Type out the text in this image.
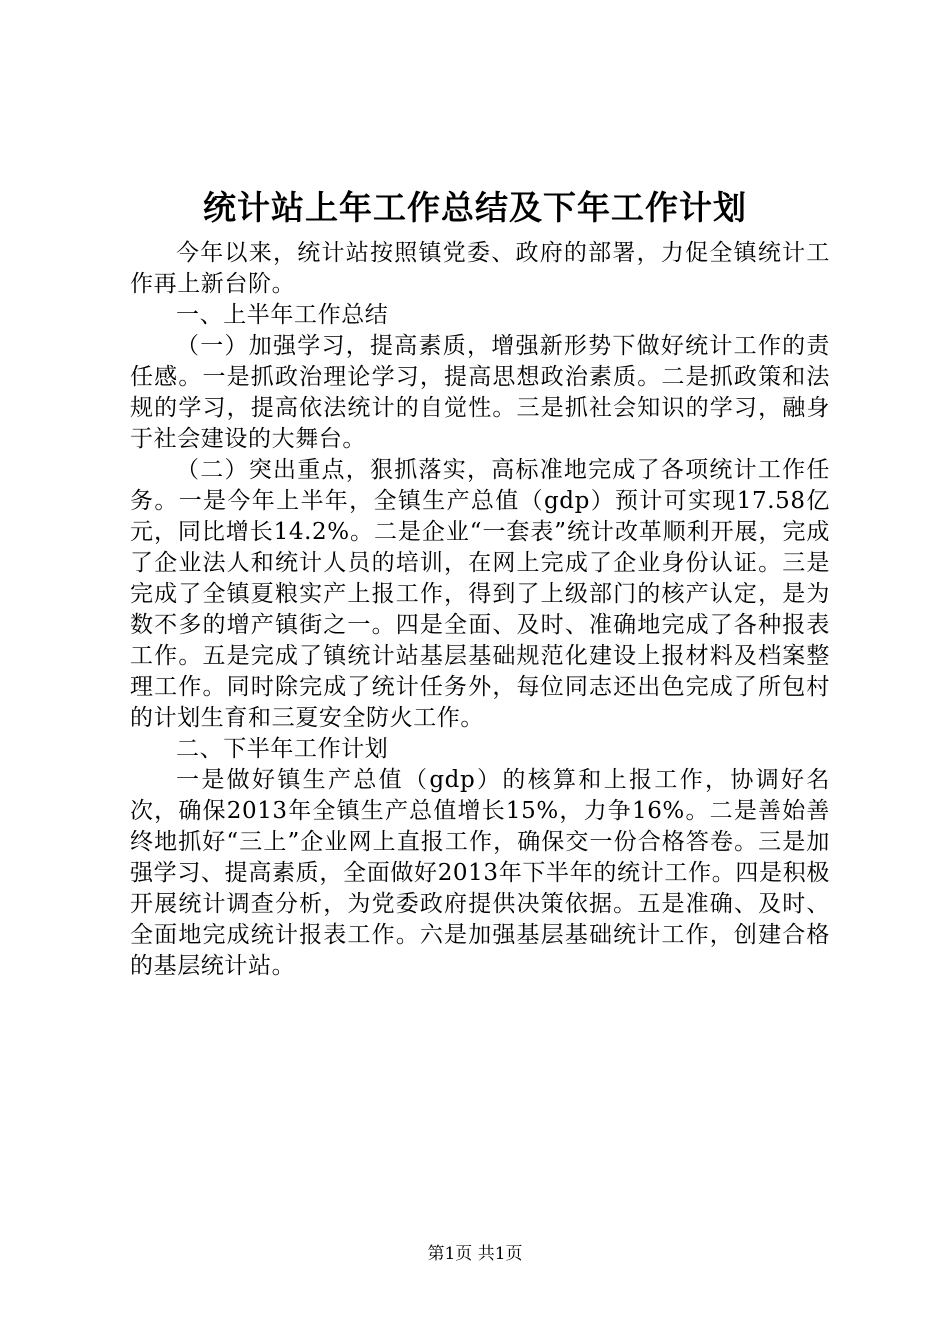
统计站上年工作总结及下年工作计划

今年以来，统计站按照镇党委、政府的部署，力促全镇统计工作再上新台阶。

一、上半年工作总结

（一）加强学习，提高素质，增强新形势下做好统计工作的责任感。一是抓政治理论学习，提高思想政治素质。二是抓政策和法规的学习，提高依法统计的自觉性。三是抓社会知识的学习，融身于社会建设的大舞台。

（二）突出重点，狠抓落实，高标准地完成了各项统计工作任务。一是今年上半年，全镇生产总值（gdp）预计可实现17.58亿元，同比增长14.2%。二是企业“一套表”统计改革顺利开展，完成了企业法人和统计人员的培训，在网上完成了企业身份认证。三是完成了全镇夏粮实产上报工作，得到了上级部门的核产认定，是为数不多的增产镇街之一。四是全面、及时、准确地完成了各种报表工作。五是完成了镇统计站基层基础规范化建设上报材料及档案整理工作。同时除完成了统计任务外，每位同志还出色完成了所包村的计划生育和三夏安全防火工作。

二、下半年工作计划

一是做好镇生产总值（gdp）的核算和上报工作，协调好名次，确保2013年全镇生产总值增长15%，力争16%。二是善始善终地抓好“三上”企业网上直报工作，确保交一份合格答卷。三是加强学习、提高素质，全面做好2013年下半年的统计工作。四是积极开展统计调查分析，为党委政府提供决策依据。五是准确、及时、全面地完成统计报表工作。六是加强基层基础统计工作，创建合格的基层统计站。

第1页 共1页
